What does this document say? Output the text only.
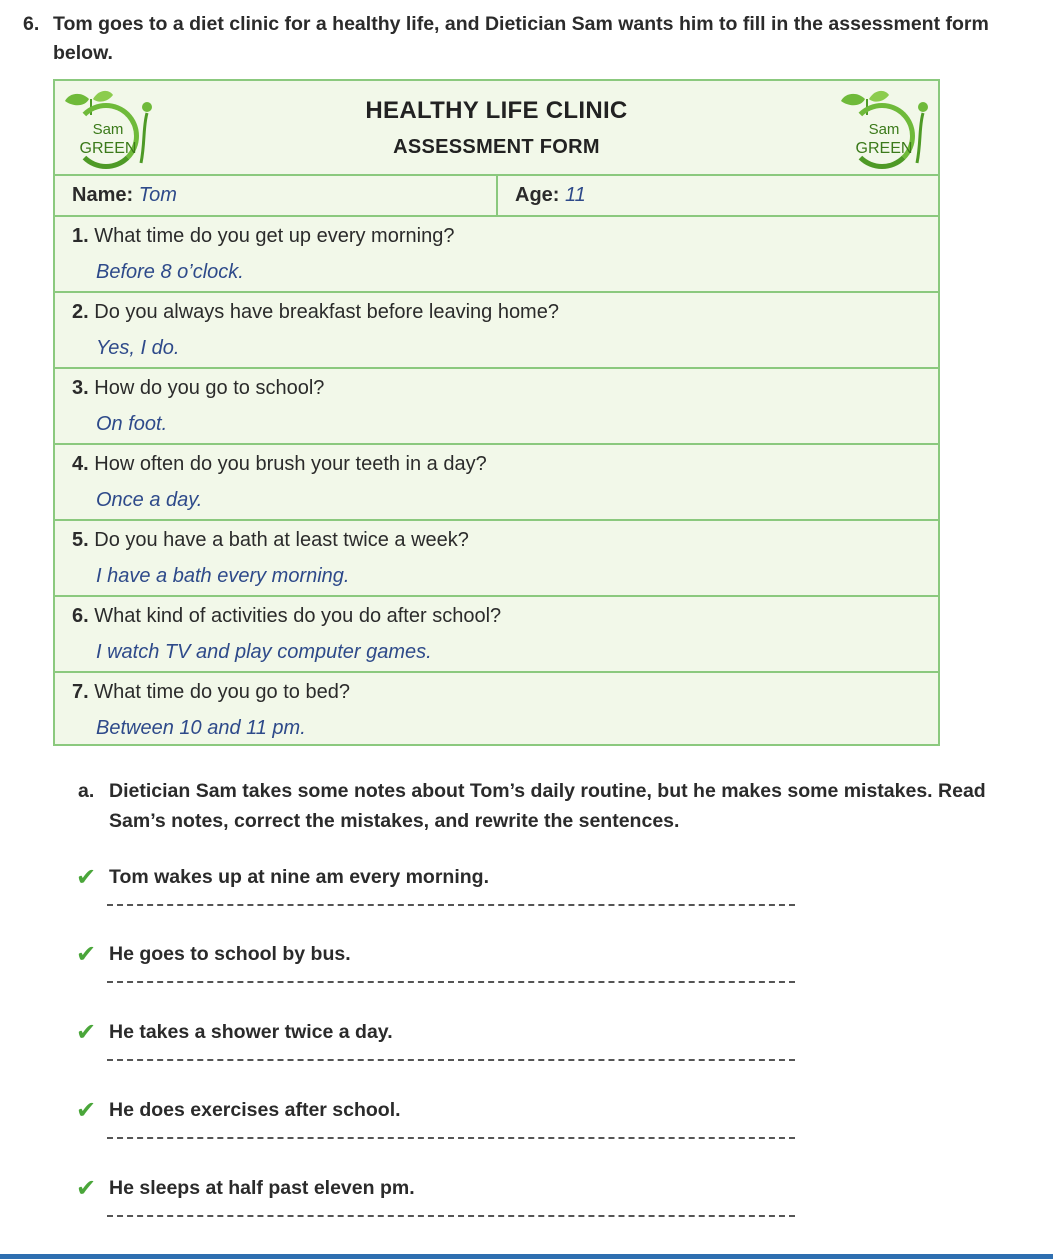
6. Tom goes to a diet clinic for a healthy life, and Dietician Sam wants him to fill in the assessment form below.
Sam
GREEN
HEALTHY LIFE CLINIC
ASSESSMENT FORM
Sam
GREEN
Name: Tom	Age: 11
1. What time do you get up every morning?
Before 8 o’clock.
2. Do you always have breakfast before leaving home?
Yes, I do.
3. How do you go to school?
On foot.
4. How often do you brush your teeth in a day?
Once a day.
5. Do you have a bath at least twice a week?
I have a bath every morning.
6. What kind of activities do you do after school?
I watch TV and play computer games.
7. What time do you go to bed?
Between 10 and 11 pm.
a. Dietician Sam takes some notes about Tom’s daily routine, but he makes some mistakes. Read Sam’s notes, correct the mistakes, and rewrite the sentences.
✔ Tom wakes up at nine am every morning.
✔ He goes to school by bus.
✔ He takes a shower twice a day.
✔ He does exercises after school.
✔ He sleeps at half past eleven pm.
